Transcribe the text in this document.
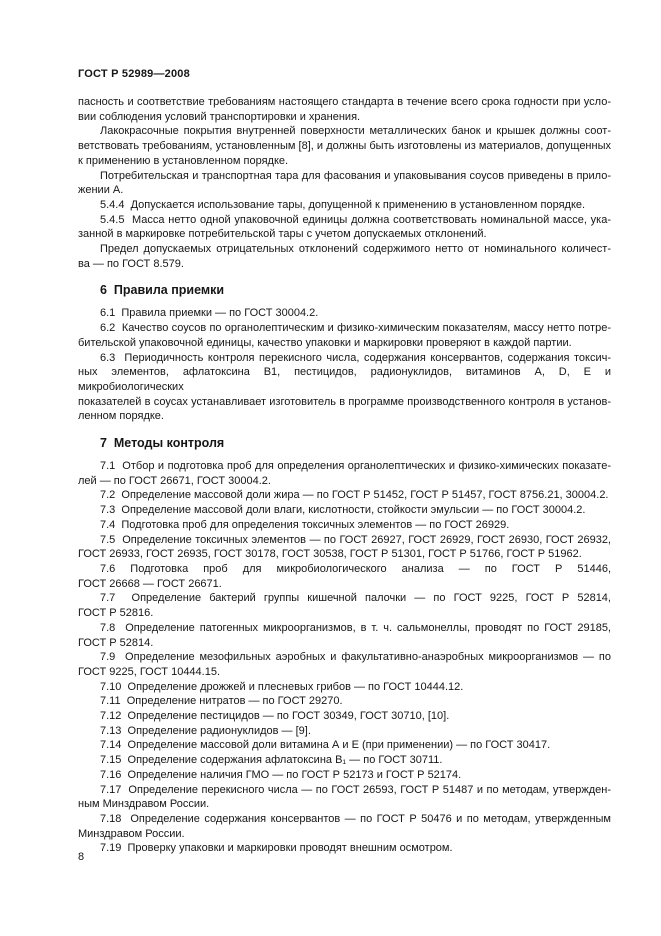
ГОСТ Р 52989—2008
пасность и соответствие требованиям настоящего стандарта в течение всего срока годности при усло-
вии соблюдения условий транспортировки и хранения.
Лакокрасочные покрытия внутренней поверхности металлических банок и крышек должны соот-
ветствовать требованиям, установленным [8], и должны быть изготовлены из материалов, допущенных
к применению в установленном порядке.
Потребительская и транспортная тара для фасования и упаковывания соусов приведены в прило-
жении А.
5.4.4  Допускается использование тары, допущенной к применению в установленном порядке.
5.4.5  Масса нетто одной упаковочной единицы должна соответствовать номинальной массе, ука-
занной в маркировке потребительской тары с учетом допускаемых отклонений.
Предел допускаемых отрицательных отклонений содержимого нетто от номинального количест-
ва — по ГОСТ 8.579.
6  Правила приемки
6.1  Правила приемки — по ГОСТ 30004.2.
6.2  Качество соусов по органолептическим и физико-химическим показателям, массу нетто потре-
бительской упаковочной единицы, качество упаковки и маркировки проверяют в каждой партии.
6.3  Периодичность контроля перекисного числа, содержания консервантов, содержания токсич-
ных элементов, афлатоксина В1, пестицидов, радионуклидов, витаминов А, D, Е и микробиологических
показателей в соусах устанавливает изготовитель в программе производственного контроля в установ-
ленном порядке.
7  Методы контроля
7.1  Отбор и подготовка проб для определения органолептических и физико-химических показате-
лей — по ГОСТ 26671, ГОСТ 30004.2.
7.2  Определение массовой доли жира — по ГОСТ Р 51452, ГОСТ Р 51457, ГОСТ 8756.21, 30004.2.
7.3  Определение массовой доли влаги, кислотности, стойкости эмульсии — по ГОСТ 30004.2.
7.4  Подготовка проб для определения токсичных элементов — по ГОСТ 26929.
7.5  Определение токсичных элементов — по ГОСТ 26927, ГОСТ 26929, ГОСТ 26930, ГОСТ 26932,
ГОСТ 26933, ГОСТ 26935, ГОСТ 30178, ГОСТ 30538, ГОСТ Р 51301, ГОСТ Р 51766, ГОСТ Р 51962.
7.6 Подготовка проб для микробиологического анализа — по ГОСТ Р 51446,
ГОСТ 26668 — ГОСТ 26671.
7.7  Определение бактерий группы кишечной палочки — по ГОСТ 9225, ГОСТ Р 52814,
ГОСТ Р 52816.
7.8  Определение патогенных микроорганизмов, в т. ч. сальмонеллы, проводят по ГОСТ 29185,
ГОСТ Р 52814.
7.9  Определение мезофильных аэробных и факультативно-анаэробных микроорганизмов — по
ГОСТ 9225, ГОСТ 10444.15.
7.10  Определение дрожжей и плесневых грибов — по ГОСТ 10444.12.
7.11  Определение нитратов — по ГОСТ 29270.
7.12  Определение пестицидов — по ГОСТ 30349, ГОСТ 30710, [10].
7.13  Определение радионуклидов — [9].
7.14  Определение массовой доли витамина А и Е (при применении) — по ГОСТ 30417.
7.15  Определение содержания афлатоксина В₁ — по ГОСТ 30711.
7.16  Определение наличия ГМО — по ГОСТ Р 52173 и ГОСТ Р 52174.
7.17  Определение перекисного числа — по ГОСТ 26593, ГОСТ Р 51487 и по методам, утвержден-
ным Минздравом России.
7.18  Определение содержания консервантов — по ГОСТ Р 50476 и по методам, утвержденным
Минздравом России.
7.19  Проверку упаковки и маркировки проводят внешним осмотром.
8
